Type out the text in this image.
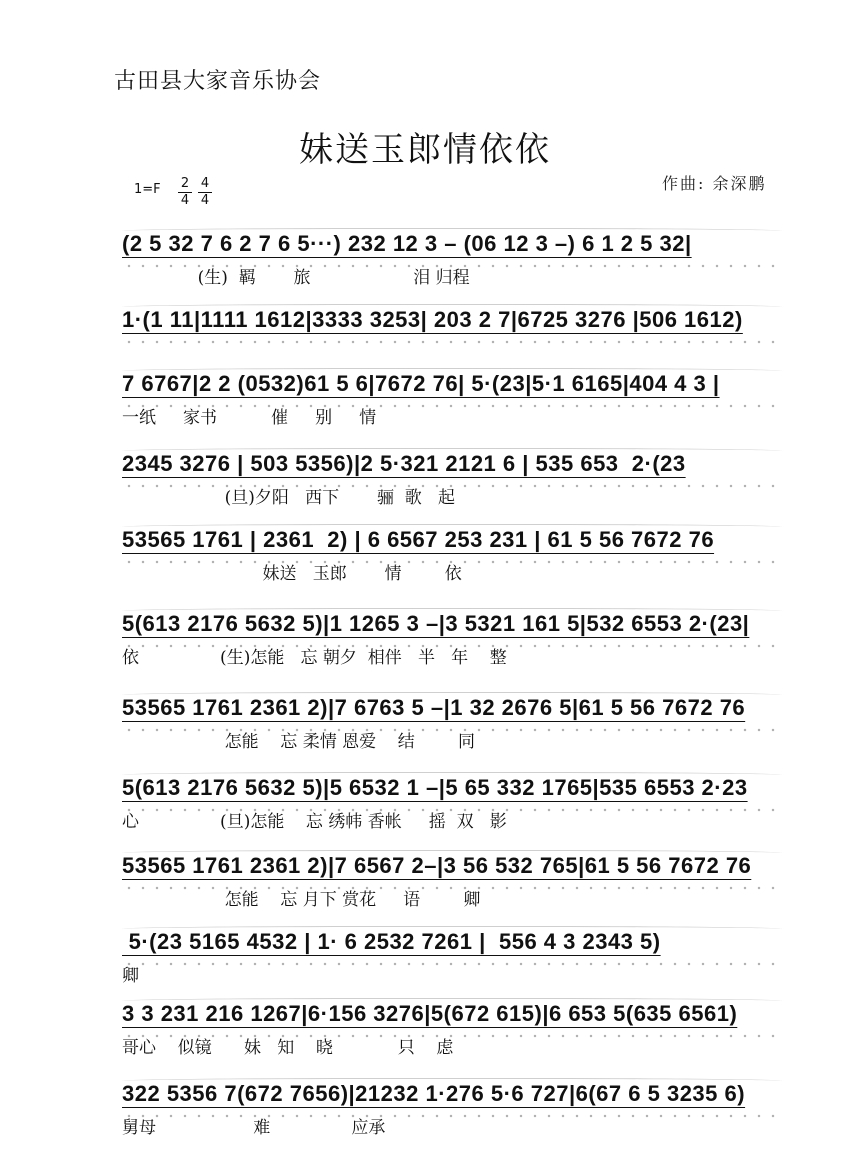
古田县大家音乐协会
妹送玉郎情依依
作曲: 余深鹏
1=F 2
4
4
4
(2 5 32 7 6 2 7 6 5···) 232 12 3 – (06 12 3 –) 6 1 2 5 32|
(生)  羁       旅                   泪 归程
1·(1 11|1111 1612|3333 3253| 203 2 7|6725 3276 |506 1612)
7 6767|2 2 (0532)61 5 6|7672 76| 5·(23|5·1 6165|404 4 3 |
一纸     家书          催     别     情
2345 3276 | 503 5356)|2 5·321 2121 6 | 535 653  2·(23
(旦)夕阳   西下       骊  歌   起
53565 1761 | 2361  2) | 6 6567 253 231 | 61 5 56 7672 76
妹送   玉郎       情        依
5(613 2176 5632 5)|1 1265 3 –|3 5321 161 5|532 6553 2·(23|
依               (生)怎能   忘 朝夕  相伴   半   年    整
53565 1761 2361 2)|7 6763 5 –|1 32 2676 5|61 5 56 7672 76
怎能    忘 柔情 恩爱    结        同
5(613 2176 5632 5)|5 6532 1 –|5 65 332 1765|535 6553 2·23
心               (旦)怎能    忘 绣帏 香帐     摇  双   影
53565 1761 2361 2)|7 6567 2–|3 56 532 765|61 5 56 7672 76
怎能    忘 月下 赏花     语        卿
5·(23 5165 4532 | 1· 6 2532 7261 |  556 4 3 2343 5)
卿
3 3 231 216 1267|6·156 3276|5(672 615)|6 653 5(635 6561)
哥心    似镜      妹   知    晓            只    虑
322 5356 7(672 7656)|21232 1·276 5·6 727|6(67 6 5 3235 6)
舅母                  难               应承
